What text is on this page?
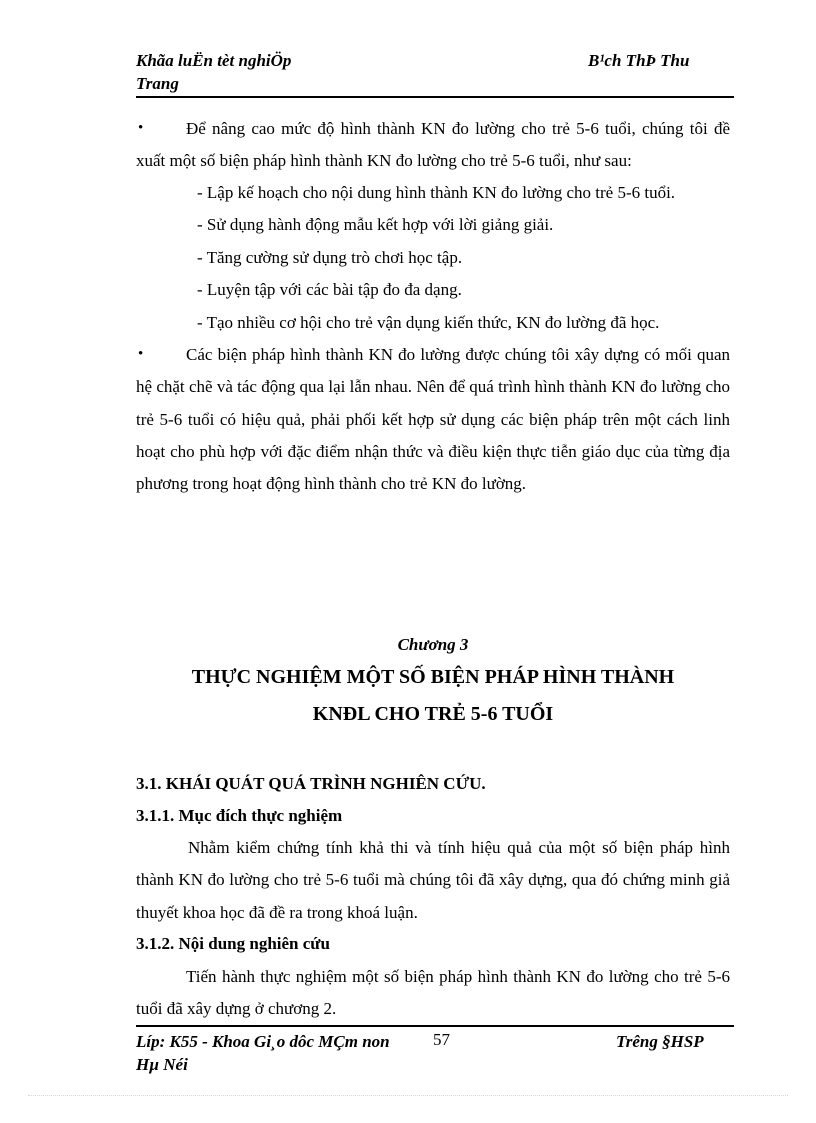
Khãa luËn tèt nghiÖp	B¹ch ThÞ Thu
Trang
•	Để nâng cao mức độ hình thành KN đo lường cho trẻ 5-6 tuổi, chúng tôi đề xuất một số biện pháp hình thành KN đo lường cho trẻ 5-6 tuổi, như sau:
- Lập kế hoạch cho nội dung hình thành KN đo lường cho trẻ 5-6 tuổi.
- Sử dụng hành động mẫu kết hợp với lời giảng giải.
- Tăng cường sử dụng trò chơi học tập.
- Luyện tập với các bài tập đo đa dạng.
- Tạo nhiều cơ hội cho trẻ vận dụng kiến thức, KN đo lường đã học.
•	Các biện pháp hình thành KN đo lường được chúng tôi xây dựng có mối quan hệ chặt chẽ và tác động qua lại lẫn nhau. Nên để quá trình hình thành KN đo lường cho trẻ 5-6 tuổi có hiệu quả, phải phối kết hợp sử dụng các biện pháp trên một cách linh hoạt cho phù hợp với đặc điểm nhận thức và điều kiện thực tiễn giáo dục của từng địa phương trong hoạt động hình thành cho trẻ KN đo lường.
Chương 3
THỰC NGHIỆM MỘT SỐ BIỆN PHÁP HÌNH THÀNH
KNĐL CHO TRẺ 5-6 TUỔI
3.1. KHÁI QUÁT QUÁ TRÌNH NGHIÊN CỨU.
3.1.1. Mục đích thực nghiệm
Nhằm kiểm chứng tính khả thi và tính hiệu quả của một số biện pháp hình thành KN đo lường cho trẻ 5-6 tuổi mà chúng tôi đã xây dựng, qua đó chứng minh giả thuyết khoa học đã đề ra trong khoá luận.
3.1.2. Nội dung nghiên cứu
Tiến hành thực nghiệm một số biện pháp hình thành KN đo lường cho trẻ 5-6 tuổi đã xây dựng ở chương 2.
Líp: K55 - Khoa Gi¸o dôc MÇm non	57	Trêng §HSP
Hµ Néi
